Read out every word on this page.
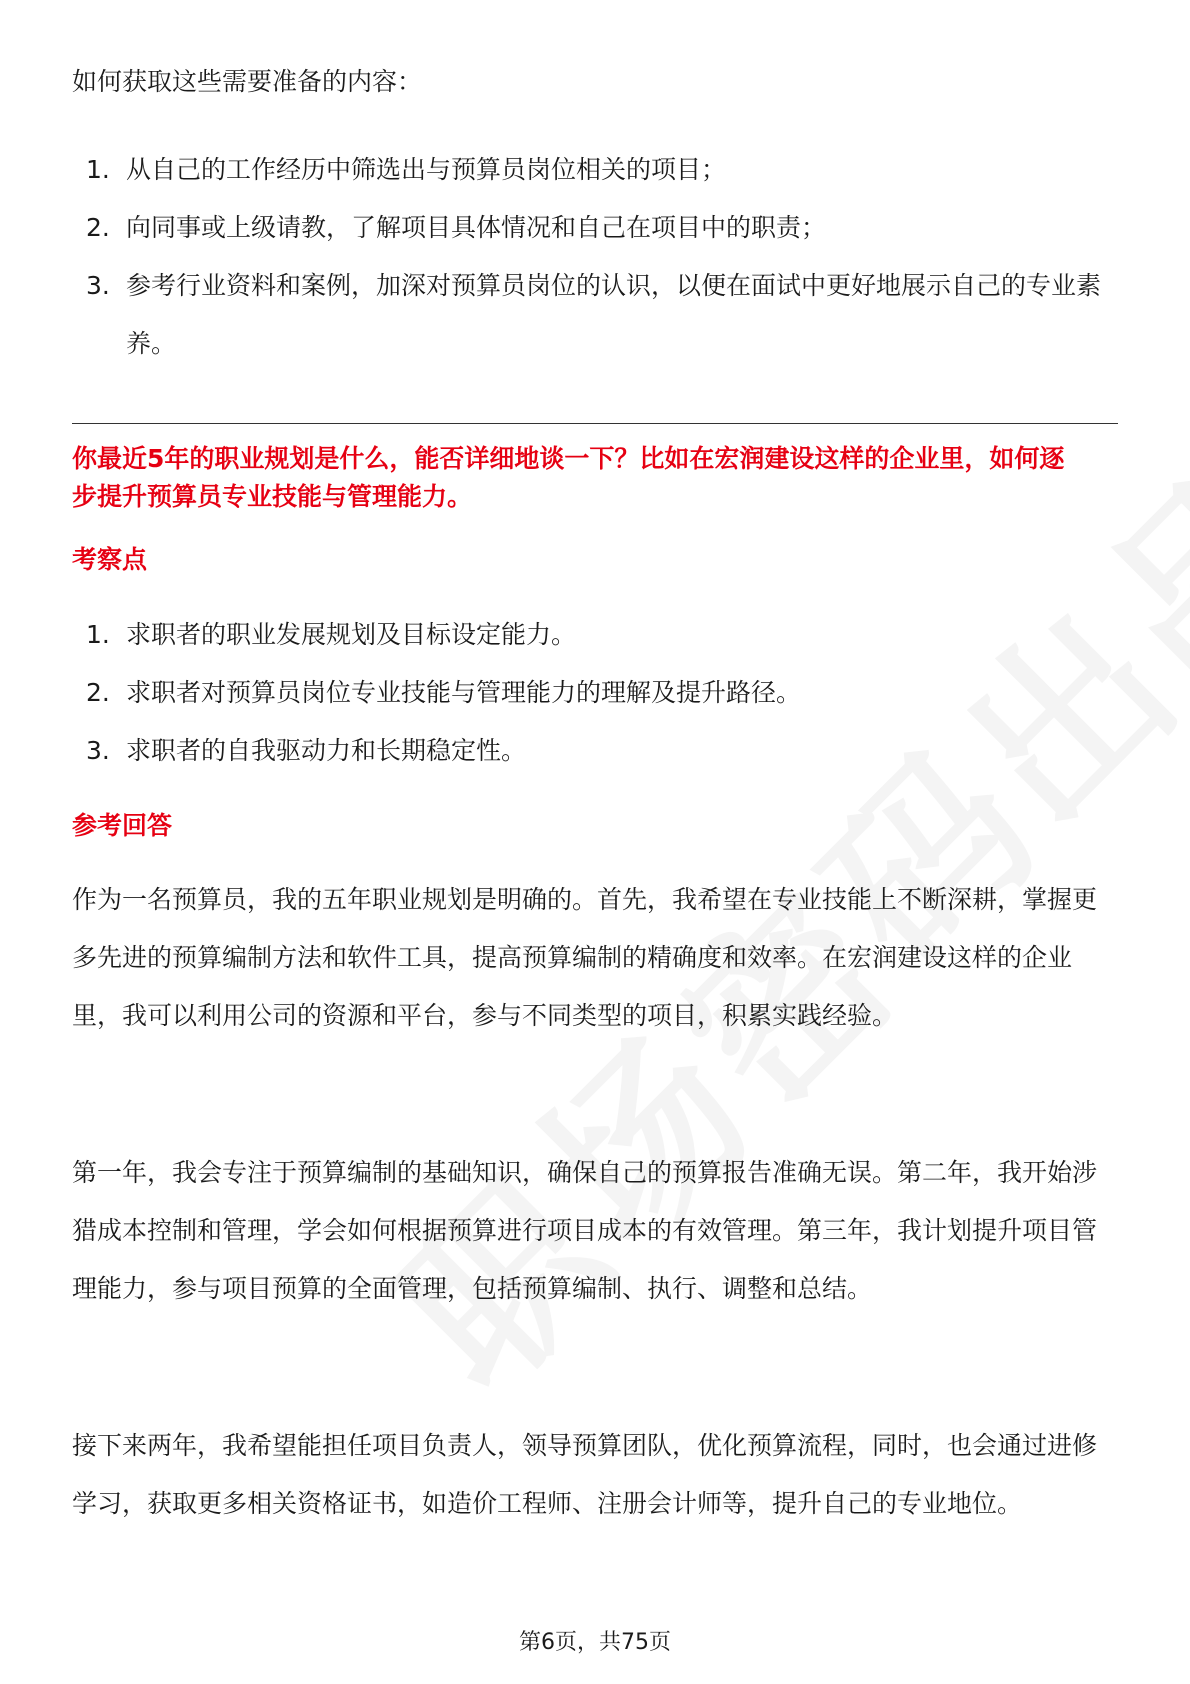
如何获取这些需要准备的内容：
1. 从自己的工作经历中筛选出与预算员岗位相关的项目；
2. 向同事或上级请教，了解项目具体情况和自己在项目中的职责；
3. 参考行业资料和案例，加深对预算员岗位的认识，以便在面试中更好地展示自己的专业素养。
你最近5年的职业规划是什么，能否详细地谈一下？比如在宏润建设这样的企业里，如何逐步提升预算员专业技能与管理能力。
考察点
1. 求职者的职业发展规划及目标设定能力。
2. 求职者对预算员岗位专业技能与管理能力的理解及提升路径。
3. 求职者的自我驱动力和长期稳定性。
参考回答

作为一名预算员，我的五年职业规划是明确的。首先，我希望在专业技能上不断深耕，掌握更多先进的预算编制方法和软件工具，提高预算编制的精确度和效率。在宏润建设这样的企业里，我可以利用公司的资源和平台，参与不同类型的项目，积累实践经验。

第一年，我会专注于预算编制的基础知识，确保自己的预算报告准确无误。第二年，我开始涉猎成本控制和管理，学会如何根据预算进行项目成本的有效管理。第三年，我计划提升项目管理能力，参与项目预算的全面管理，包括预算编制、执行、调整和总结。

接下来两年，我希望能担任项目负责人，领导预算团队，优化预算流程，同时，也会通过进修学习，获取更多相关资格证书，如造价工程师、注册会计师等，提升自己的专业地位。

第6页，共75页
